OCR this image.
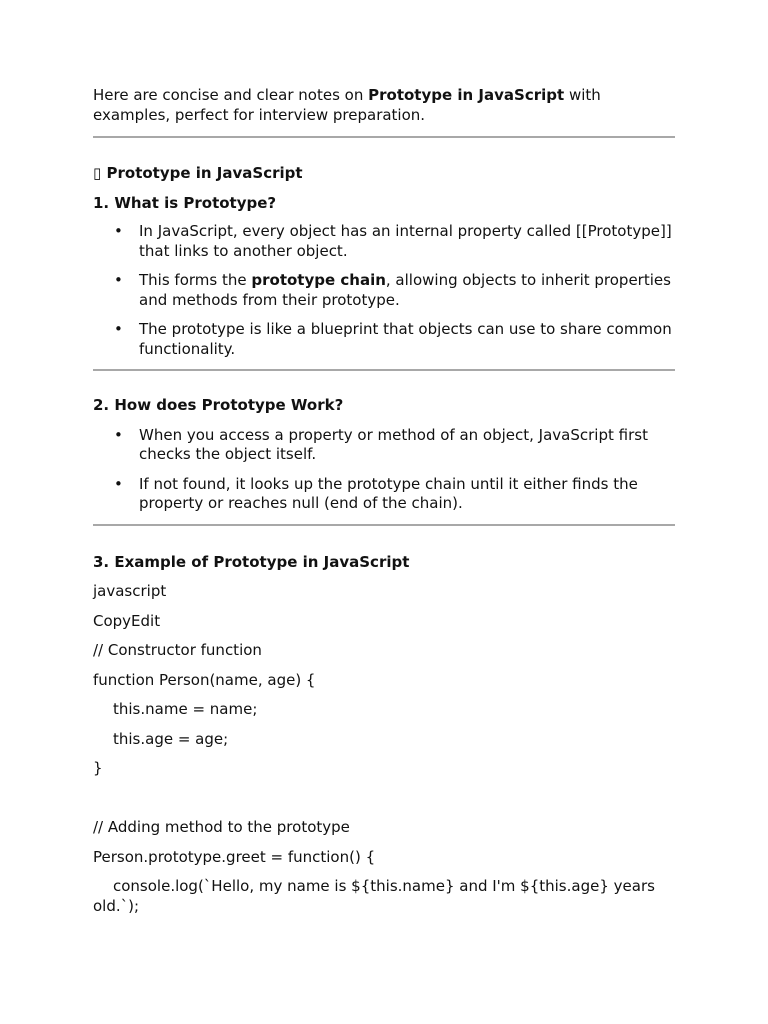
Here are concise and clear notes on Prototype in JavaScript with examples, perfect for interview preparation.

▯ Prototype in JavaScript

1. What is Prototype?

• In JavaScript, every object has an internal property called [[Prototype]] that links to another object.
• This forms the prototype chain, allowing objects to inherit properties and methods from their prototype.
• The prototype is like a blueprint that objects can use to share common functionality.

2. How does Prototype Work?

• When you access a property or method of an object, JavaScript first checks the object itself.
• If not found, it looks up the prototype chain until it either finds the property or reaches null (end of the chain).

3. Example of Prototype in JavaScript

javascript

CopyEdit

// Constructor function

function Person(name, age) {

this.name = name;

this.age = age;

}

// Adding method to the prototype

Person.prototype.greet = function() {

console.log(`Hello, my name is ${this.name} and I'm ${this.age} years old.`);
